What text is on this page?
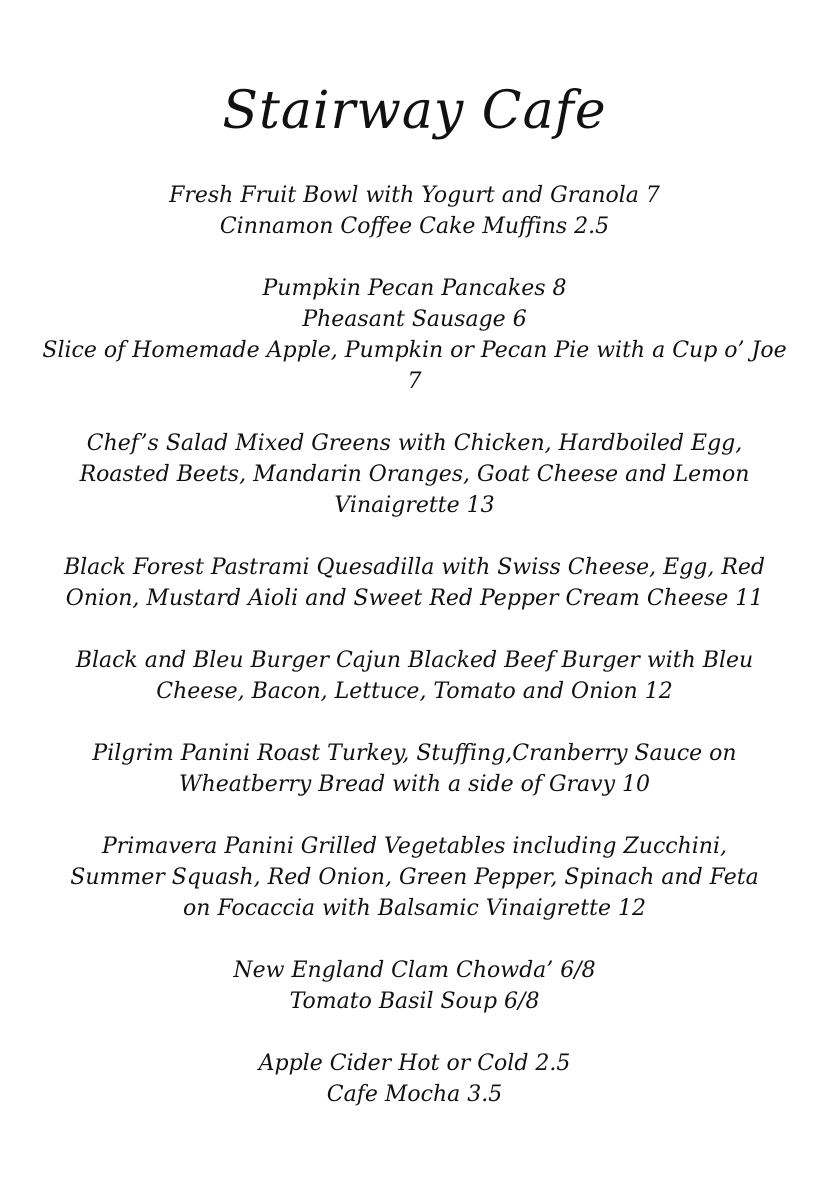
Stairway Cafe
Fresh Fruit Bowl with Yogurt and Granola 7
Cinnamon Coffee Cake Muffins 2.5
Pumpkin Pecan Pancakes 8
Pheasant Sausage 6
Slice of Homemade Apple, Pumpkin or Pecan Pie with a Cup o’ Joe
7
Chef’s Salad Mixed Greens with Chicken, Hardboiled Egg,
Roasted Beets, Mandarin Oranges, Goat Cheese and Lemon
Vinaigrette 13
Black Forest Pastrami Quesadilla with Swiss Cheese, Egg, Red
Onion, Mustard Aioli and Sweet Red Pepper Cream Cheese 11
Black and Bleu Burger Cajun Blacked Beef Burger with Bleu
Cheese, Bacon, Lettuce, Tomato and Onion 12
Pilgrim Panini Roast Turkey, Stuffing,Cranberry Sauce on
Wheatberry Bread with a side of Gravy 10
Primavera Panini Grilled Vegetables including Zucchini,
Summer Squash, Red Onion, Green Pepper, Spinach and Feta
on Focaccia with Balsamic Vinaigrette 12
New England Clam Chowda’ 6/8
Tomato Basil Soup 6/8
Apple Cider Hot or Cold 2.5
Cafe Mocha 3.5
